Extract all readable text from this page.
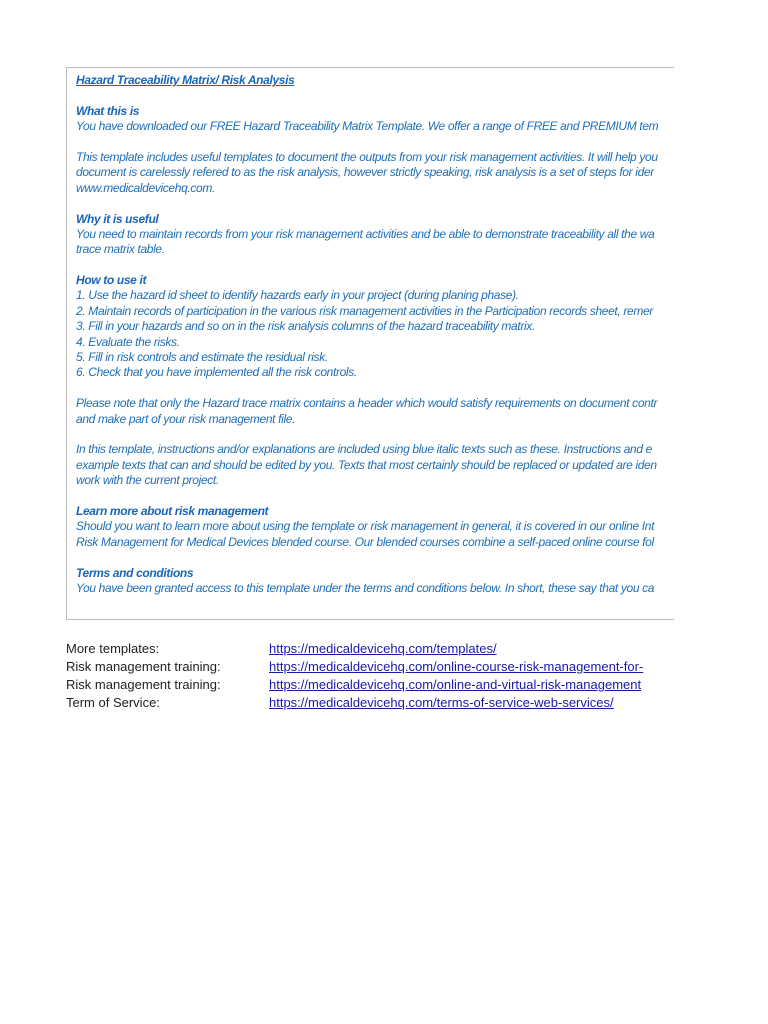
Hazard Traceability Matrix/ Risk Analysis
What this is
You have downloaded our FREE Hazard Traceability Matrix Template. We offer a range of FREE and PREMIUM tem
This template includes useful templates to document the outputs from your risk management activities. It will help you
document is carelessly refered to as the risk analysis, however strictly speaking, risk analysis is a set of steps for ider
www.medicaldevicehq.com.
Why it is useful
You need to maintain records from your risk management activities and be able to demonstrate traceability all the wa
trace matrix table.
How to use it
1. Use the hazard id sheet to identify hazards early in your project (during planing phase).
2. Maintain records of participation in the various risk management activities in the Participation records sheet, remer
3. Fill in your hazards and so on in the risk analysis columns of the hazard traceability matrix.
4. Evaluate the risks.
5. Fill in risk controls and estimate the residual risk.
6. Check that you have implemented all the risk controls.
Please note that only the Hazard trace matrix contains a header which would satisfy requirements on document contr
and make part of your risk management file.
In this template, instructions and/or explanations are included using blue italic texts such as these. Instructions and e
example texts that can and should be edited by you. Texts that most certainly should be replaced or updated are iden
work with the current project.
Learn more about risk management
Should you want to learn more about using the template or risk management in general, it is covered in our online Int
Risk Management for Medical Devices blended course. Our blended courses combine a self-paced online course fol
Terms and conditions
You have been granted access to this template under the terms and conditions below. In short, these say that you ca
More templates:	https://medicaldevicehq.com/templates/
Risk management training:	https://medicaldevicehq.com/online-course-risk-management-for-
Risk management training:	https://medicaldevicehq.com/online-and-virtual-risk-management
Term of Service:	https://medicaldevicehq.com/terms-of-service-web-services/
